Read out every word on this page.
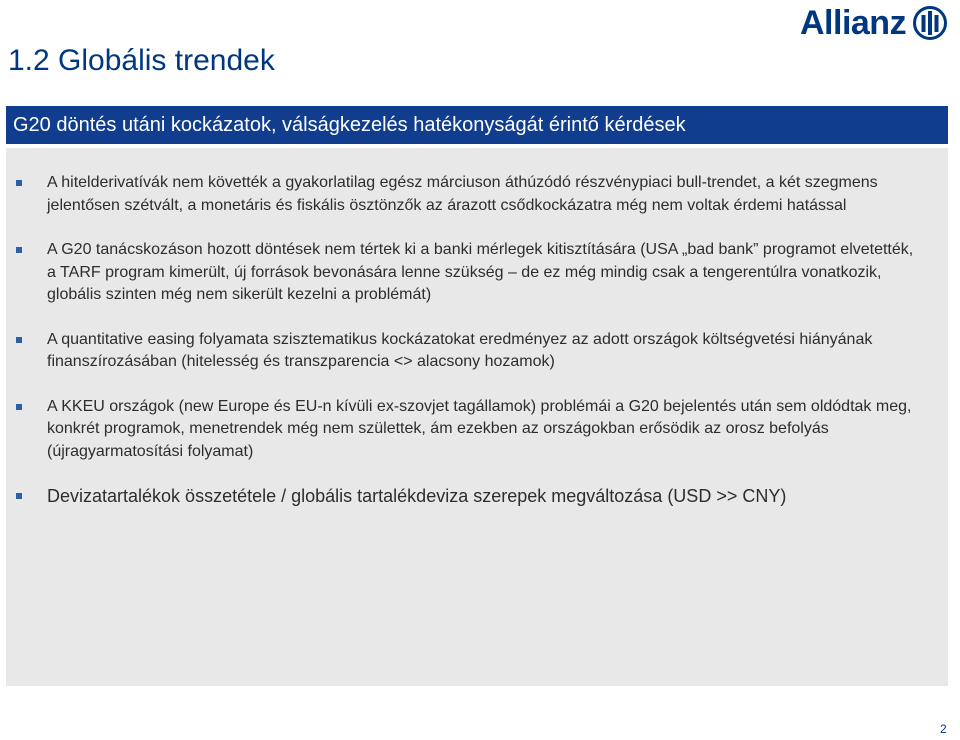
1.2 Globális trendek
Allianz
G20 döntés utáni kockázatok, válságkezelés hatékonyságát érintő kérdések
A hitelderivatívák nem követték a gyakorlatilag egész márciuson áthúzódó részvénypiaci bull-trendet, a két szegmens jelentősen szétvált, a monetáris és fiskális ösztönzők az árazott csődkockázatra még nem voltak érdemi hatással
A G20 tanácskozáson hozott döntések nem tértek ki a banki mérlegek kitisztítására (USA „bad bank” programot elvetették, a TARF program kimerült, új források bevonására lenne szükség – de ez még mindig csak a tengerentúlra vonatkozik, globális szinten még nem sikerült kezelni a problémát)
A quantitative easing folyamata szisztematikus kockázatokat eredményez az adott országok költségvetési hiányának finanszírozásában (hitelesség és transzparencia <> alacsony hozamok)
A KKEU országok (new Europe és EU-n kívüli ex-szovjet tagállamok) problémái a G20 bejelentés után sem oldódtak meg, konkrét programok, menetrendek még nem születtek, ám ezekben az országokban erősödik az orosz befolyás (újragyarmatosítási folyamat)
Devizatartalékok összetétele / globális tartalékdeviza szerepek megváltozása (USD >> CNY)
2
